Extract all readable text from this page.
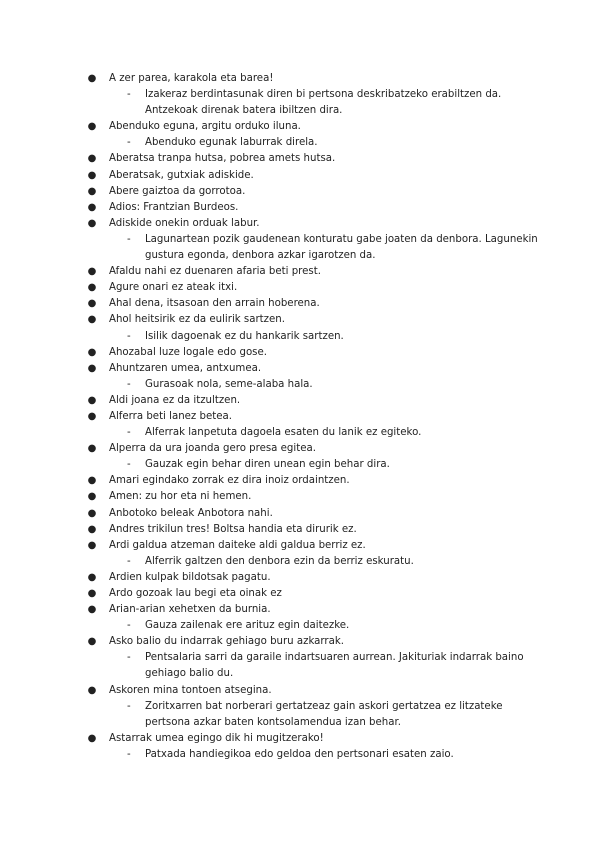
● A zer parea, karakola eta barea!
- Izakeraz berdintasunak diren bi pertsona deskribatzeko erabiltzen da.
Antzekoak direnak batera ibiltzen dira.
● Abenduko eguna, argitu orduko iluna.
- Abenduko egunak laburrak direla.
● Aberatsa tranpa hutsa, pobrea amets hutsa.
● Aberatsak, gutxiak adiskide.
● Abere gaiztoa da gorrotoa.
● Adios: Frantzian Burdeos.
● Adiskide onekin orduak labur.
- Lagunartean pozik gaudenean konturatu gabe joaten da denbora. Lagunekin
gustura egonda, denbora azkar igarotzen da.
● Afaldu nahi ez duenaren afaria beti prest.
● Agure onari ez ateak itxi.
● Ahal dena, itsasoan den arrain hoberena.
● Ahol heitsirik ez da eulirik sartzen.
- Isilik dagoenak ez du hankarik sartzen.
● Ahozabal luze logale edo gose.
● Ahuntzaren umea, antxumea.
- Gurasoak nola, seme-alaba hala.
● Aldi joana ez da itzultzen.
● Alferra beti lanez betea.
- Alferrak lanpetuta dagoela esaten du lanik ez egiteko.
● Alperra da ura joanda gero presa egitea.
- Gauzak egin behar diren unean egin behar dira.
● Amari egindako zorrak ez dira inoiz ordaintzen.
● Amen: zu hor eta ni hemen.
● Anbotoko beleak Anbotora nahi.
● Andres trikilun tres! Boltsa handia eta dirurik ez.
● Ardi galdua atzeman daiteke aldi galdua berriz ez.
- Alferrik galtzen den denbora ezin da berriz eskuratu.
● Ardien kulpak bildotsak pagatu.
● Ardo gozoak lau begi eta oinak ez
● Arian-arian xehetxen da burnia.
- Gauza zailenak ere arituz egin daitezke.
● Asko balio du indarrak gehiago buru azkarrak.
- Pentsalaria sarri da garaile indartsuaren aurrean. Jakituriak indarrak baino
gehiago balio du.
● Askoren mina tontoen atsegina.
- Zoritxarren bat norberari gertatzeaz gain askori gertatzea ez litzateke
pertsona azkar baten kontsolamendua izan behar.
● Astarrak umea egingo dik hi mugitzerako!
- Patxada handiegikoa edo geldoa den pertsonari esaten zaio.
